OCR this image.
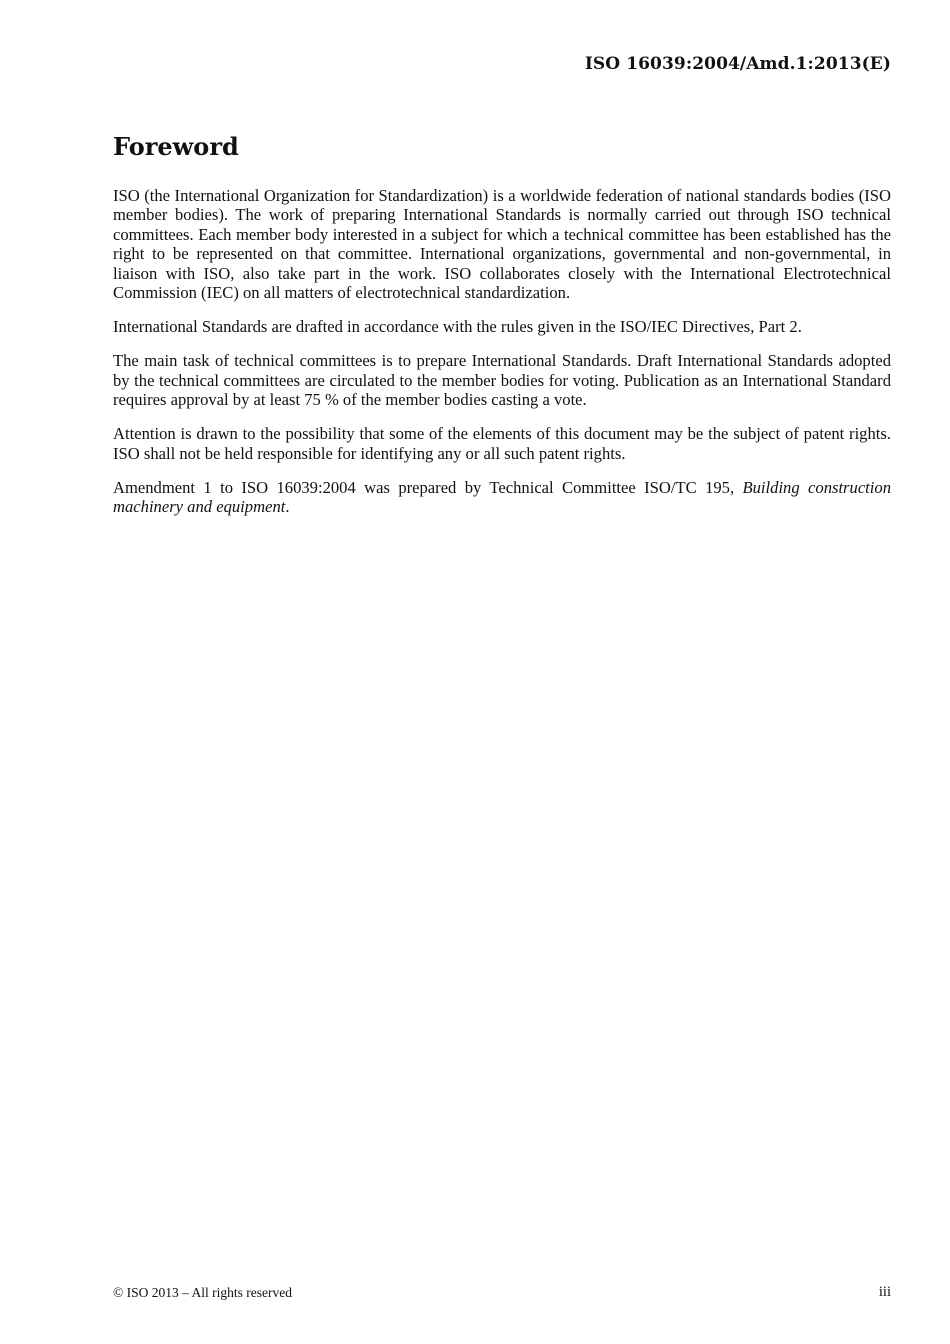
ISO 16039:2004/Amd.1:2013(E)
Foreword

ISO (the International Organization for Standardization) is a worldwide federation of national standards bodies (ISO member bodies). The work of preparing International Standards is normally carried out through ISO technical committees. Each member body interested in a subject for which a technical committee has been established has the right to be represented on that committee. International organizations, governmental and non-governmental, in liaison with ISO, also take part in the work. ISO collaborates closely with the International Electrotechnical Commission (IEC) on all matters of electrotechnical standardization.

International Standards are drafted in accordance with the rules given in the ISO/IEC Directives, Part 2.

The main task of technical committees is to prepare International Standards. Draft International Standards adopted by the technical committees are circulated to the member bodies for voting. Publication as an International Standard requires approval by at least 75 % of the member bodies casting a vote.

Attention is drawn to the possibility that some of the elements of this document may be the subject of patent rights. ISO shall not be held responsible for identifying any or all such patent rights.

Amendment 1 to ISO 16039:2004 was prepared by Technical Committee ISO/TC 195, Building construction machinery and equipment.

© ISO 2013 – All rights reserved	iii
